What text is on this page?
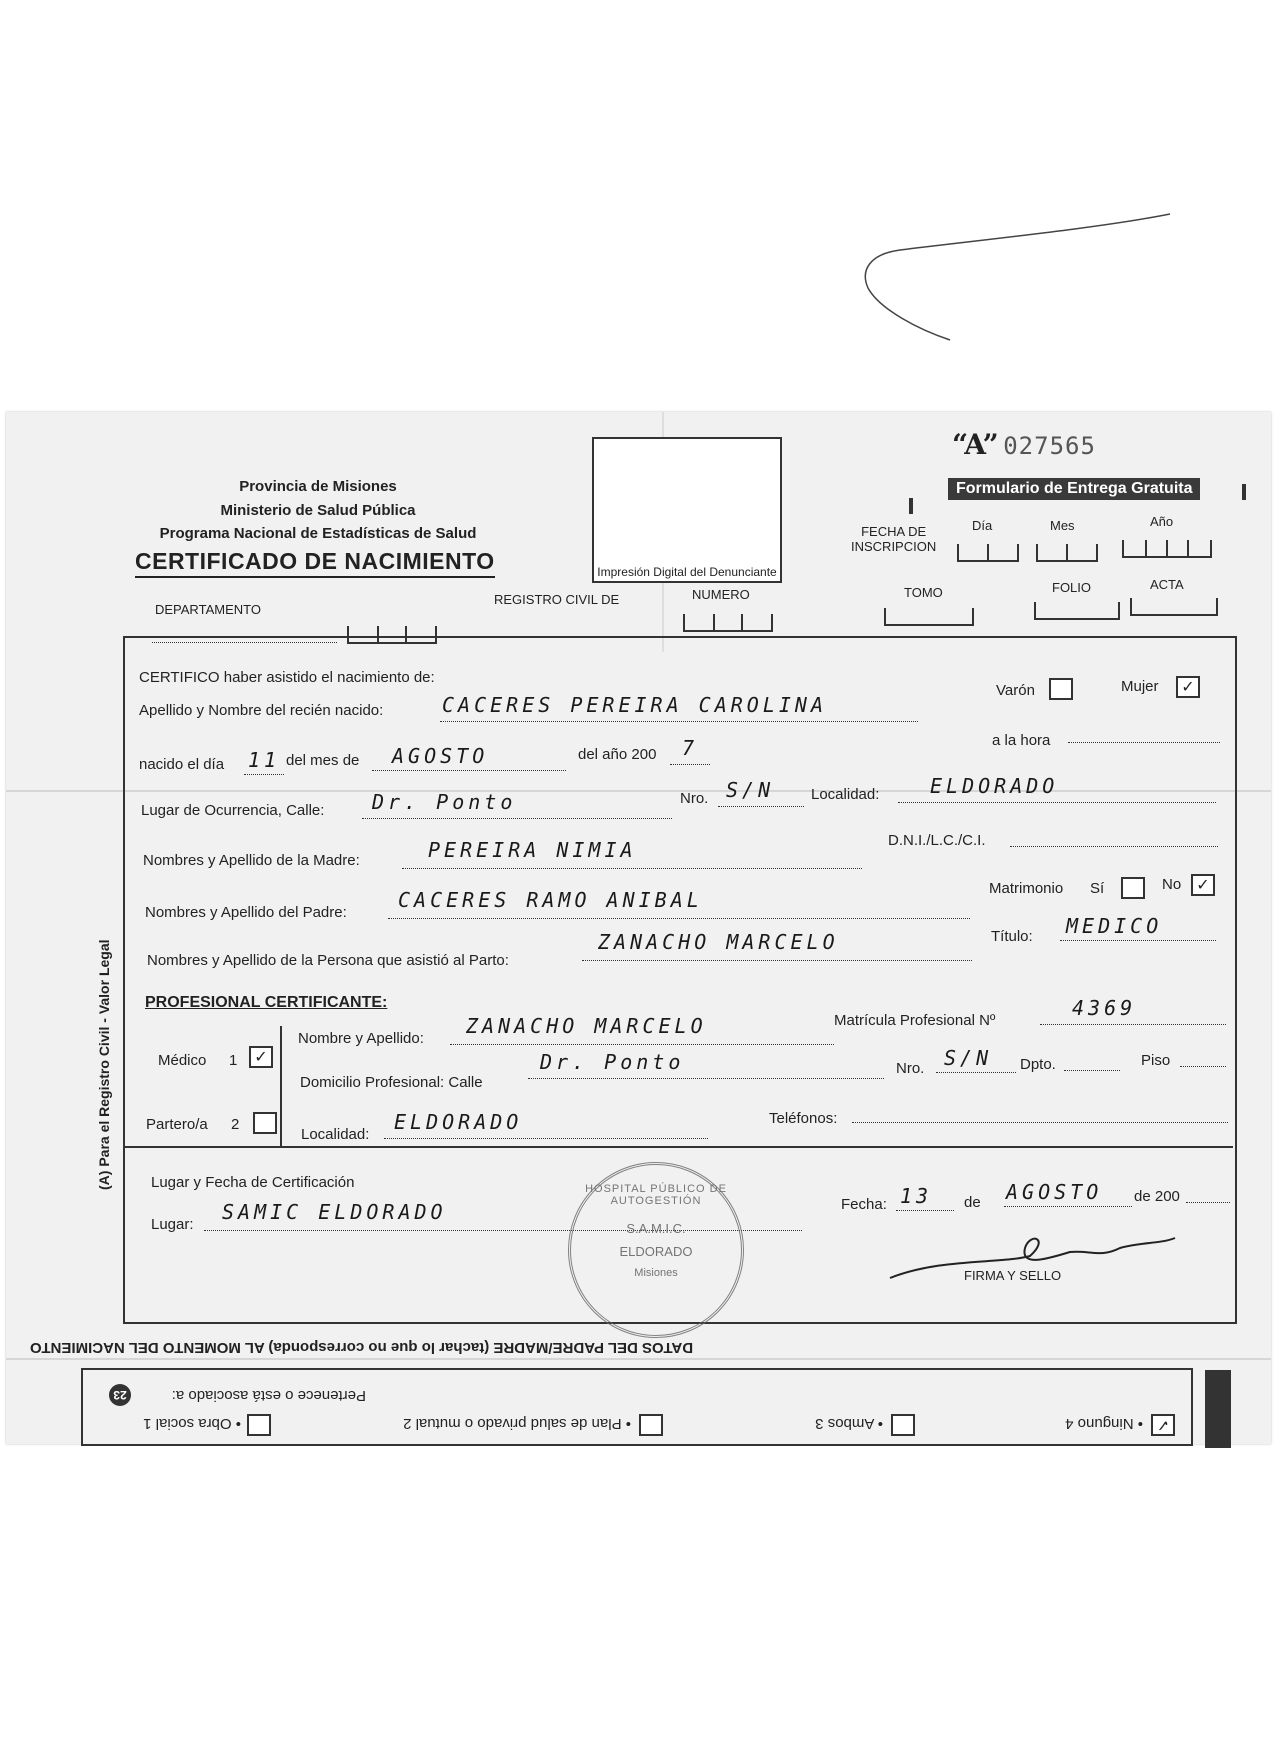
“A” 027565
Formulario de Entrega Gratuita
Provincia de Misiones
Ministerio de Salud Pública
Programa Nacional de Estadísticas de Salud
CERTIFICADO DE NACIMIENTO	Impresión Digital del Denunciante
FECHA DE
INSCRIPCION
Día	Mes	Año
DEPARTAMENTO
REGISTRO CIVIL DE	NUMERO	TOMO	FOLIO	ACTA
(A) Para el Registro Civil - Valor Legal
CERTIFICO haber asistido el nacimiento de:
Apellido y Nombre del recién nacido:	CACERES PEREIRA CAROLINA
Varón	Mujer	✓
nacido el día 11 del mes de AGOSTO	del año 200 7	a la hora
Lugar de Ocurrencia, Calle: Dr. Ponto	Nro. S/N Localidad:	ELDORADO
Nombres y Apellido de la Madre:	PEREIRA NIMIA	D.N.I./L.C./C.I.
Nombres y Apellido del Padre:
CACERES RAMO ANIBAL	Matrimonio Sí	No ✓
Nombres y Apellido de la Persona que asistió al Parto:
ZANACHO MARCELO	Título: MEDICO
PROFESIONAL CERTIFICANTE:
Médico 1	✓
Partero/a 2
Nombre y Apellido:
ZANACHO MARCELO	Matrícula Profesional Nº
4369
Domicilio Profesional: Calle
Dr. Ponto	Nro. S/N Dpto.	Piso
Localidad:
ELDORADO	Teléfonos:
Lugar y Fecha de Certificación
Lugar:
SAMIC ELDORADO	Fecha: 13 de AGOSTO de 200
FIRMA Y SELLO
HOSPITAL PÚBLICO DE AUTOGESTIÓN
S.A.M.I.C.
ELDORADO
Misiones
DATOS DEL PADRE/MADRE (tachar lo que no corresponda) AL MOMENTO DEL NACIMIENTO
23	Pertenece o está asociado a:
• Obra social 1	• Plan de salud privado o mutual 2	• Ambos 3	• Ninguno 4 ✓
